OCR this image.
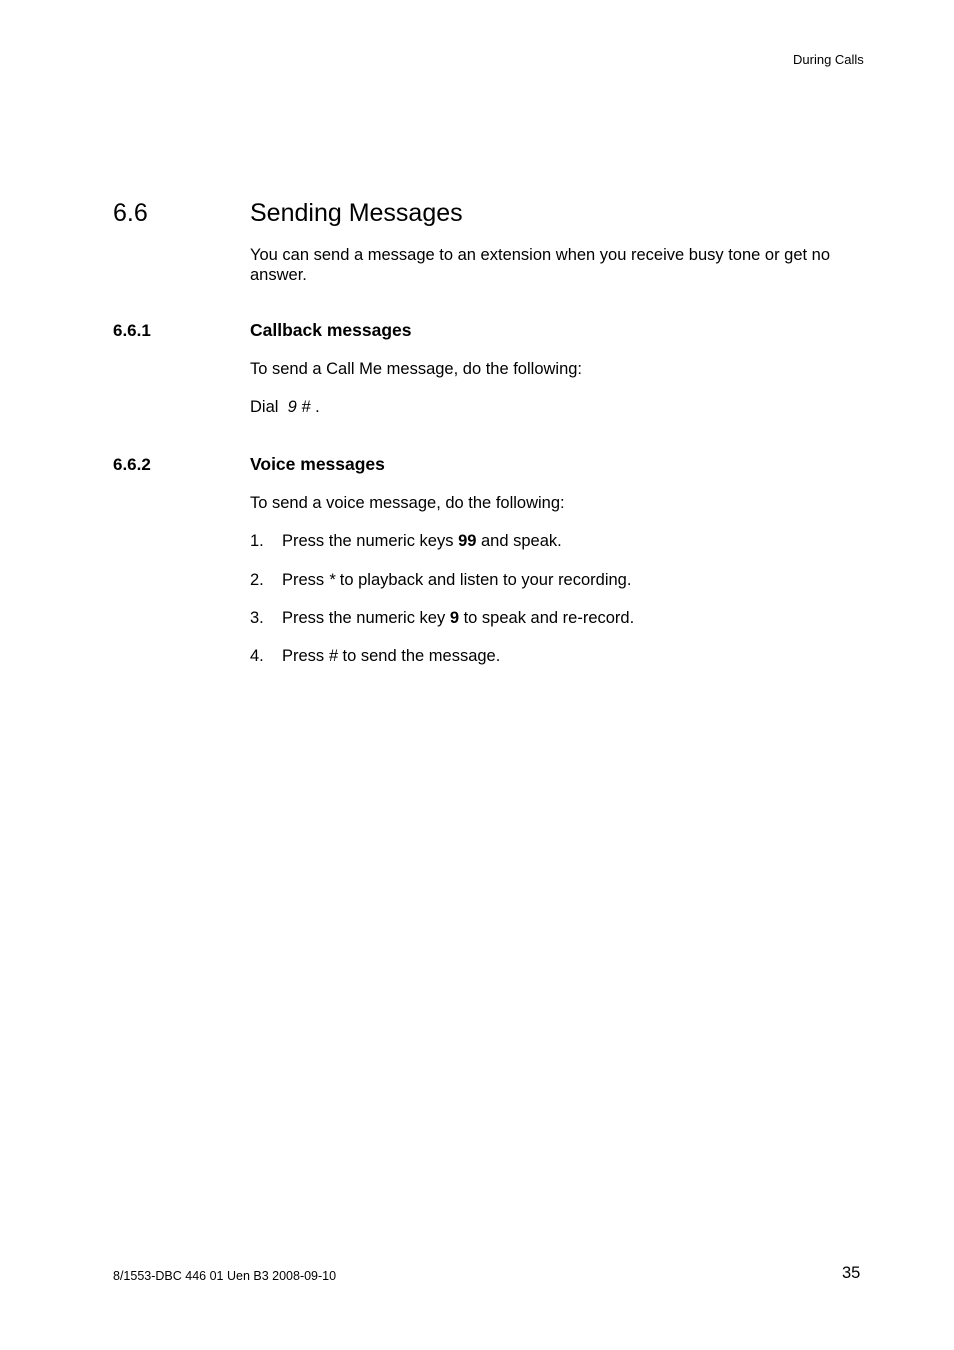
During Calls
6.6	Sending Messages
You can send a message to an extension when you receive busy tone or get no answer.
6.6.1	Callback messages
To send a Call Me message, do the following:
Dial 9 # .
6.6.2	Voice messages
To send a voice message, do the following:
1. Press the numeric keys 99 and speak.
2. Press * to playback and listen to your recording.
3. Press the numeric key 9 to speak and re-record.
4. Press # to send the message.
8/1553-DBC 446 01 Uen B3 2008-09-10	35
